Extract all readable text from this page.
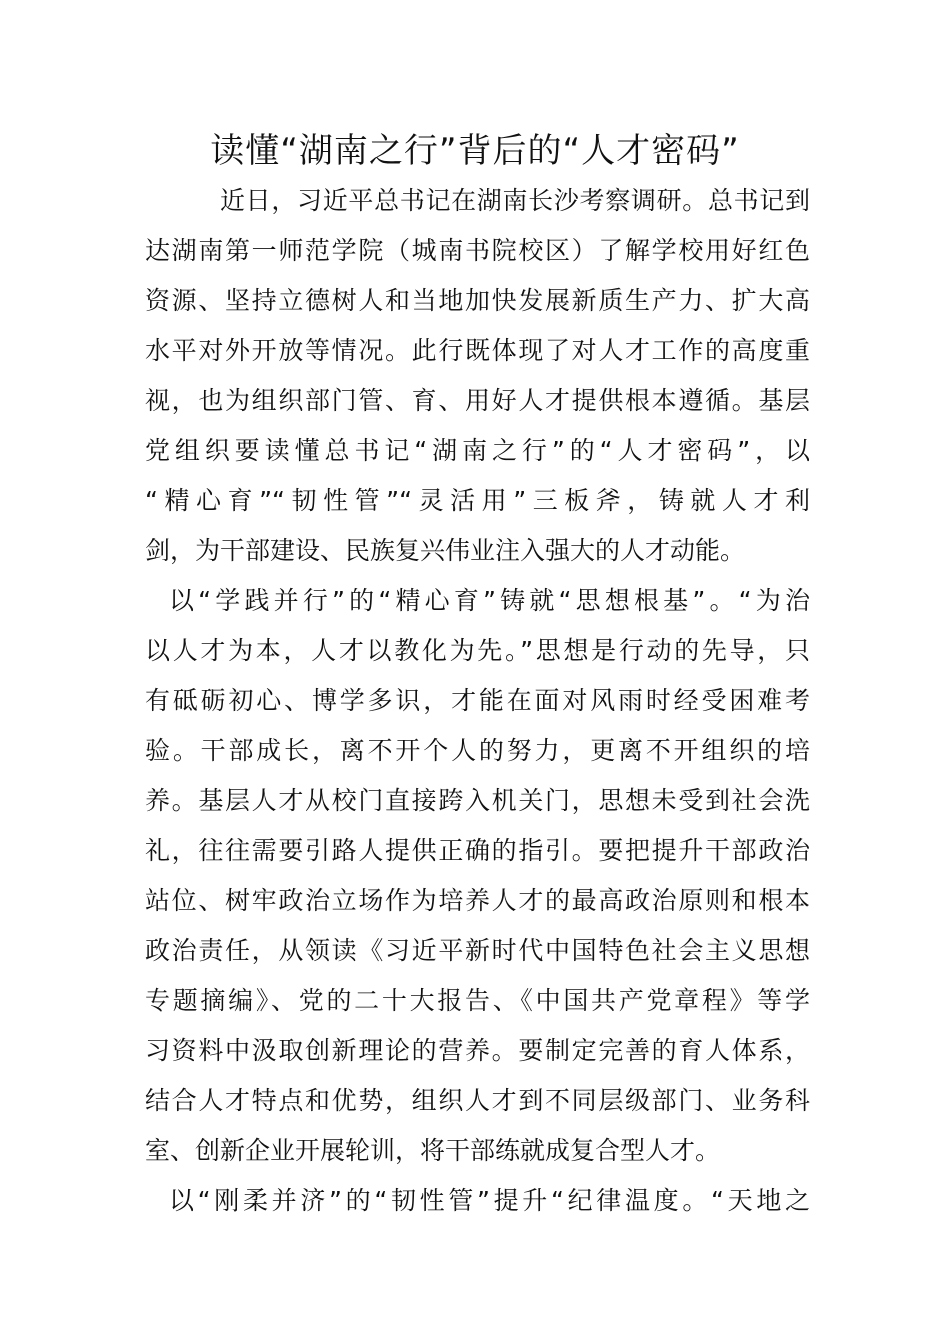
读懂“湖南之行”背后的“人才密码”
近日，习近平总书记在湖南长沙考察调研。总书记到
达湖南第一师范学院（城南书院校区）了解学校用好红色
资源、坚持立德树人和当地加快发展新质生产力、扩大高
水平对外开放等情况。此行既体现了对人才工作的高度重
视，也为组织部门管、育、用好人才提供根本遵循。基层
党组织要读懂总书记“湖南之行”的“人才密码”，以
“精心育”“韧性管”“灵活用”三板斧，铸就人才利
剑，为干部建设、民族复兴伟业注入强大的人才动能。
以“学践并行”的“精心育”铸就“思想根基”。“为治
以人才为本，人才以教化为先。”思想是行动的先导，只
有砥砺初心、博学多识，才能在面对风雨时经受困难考
验。干部成长，离不开个人的努力，更离不开组织的培
养。基层人才从校门直接跨入机关门，思想未受到社会洗
礼，往往需要引路人提供正确的指引。要把提升干部政治
站位、树牢政治立场作为培养人才的最高政治原则和根本
政治责任，从领读《习近平新时代中国特色社会主义思想
专题摘编》、党的二十大报告、《中国共产党章程》等学
习资料中汲取创新理论的营养。要制定完善的育人体系，
结合人才特点和优势，组织人才到不同层级部门、业务科
室、创新企业开展轮训，将干部练就成复合型人才。
以“刚柔并济”的“韧性管”提升“纪律温度。“天地之
